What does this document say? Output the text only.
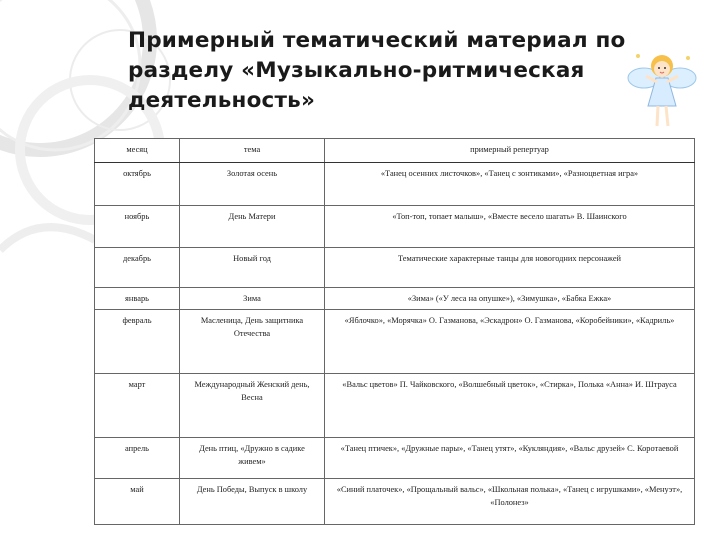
Примерный тематический материал по разделу «Музыкально-ритмическая деятельность»
месяц	тема	примерный репертуар
октябрь	Золотая осень	«Танец осенних листочков», «Танец с зонтиками», «Разноцветная игра»
ноябрь	День Матери	«Топ-топ, топает малыш», «Вместе весело шагать» В. Шаинского
декабрь	Новый год	Тематические характерные танцы для новогодних персонажей
январь	Зима	«Зима» («У леса на опушке»), «Зимушка», «Бабка Ежка»
февраль	Масленица, День защитника Отечества	«Яблочко», «Морячка» О. Газманова, «Эскадрон» О. Газманова, «Коробейники», «Кадриль»
март	Международный Женский день, Весна	«Вальс цветов» П. Чайковского, «Волшебный цветок», «Стирка», Полька «Анна» И. Штрауса
апрель	День птиц, «Дружно в садике живем»	«Танец птичек», «Дружные пары», «Танец утят», «Кукляндия», «Вальс друзей» С. Коротаевой
май	День Победы, Выпуск в школу	«Синий платочек», «Прощальный вальс», «Школьная полька», «Танец с игрушками», «Менуэт», «Полонез»
